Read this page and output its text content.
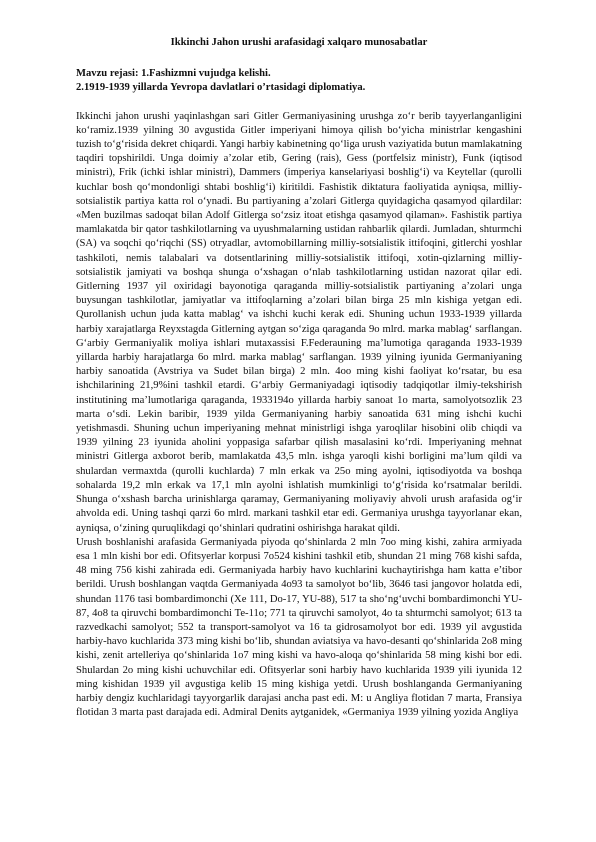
Ikkinchi Jahon urushi arafasidagi xalqaro munosabatlar
Mavzu rejasi: 1.Fashizmni vujudga kelishi.
2.1919-1939 yillarda Yevropa davlatlari o’rtasidagi diplomatiya.
Ikkinchi jahon urushi yaqinlashgan sari Gitler Germaniyasining urushga zo‘r berib tayyerlanganligini ko‘ramiz.1939 yilning 30 avgustida Gitler imperiyani himoya qilish bo‘yicha ministrlar kengashini tuzish to‘g‘risida dekret chiqardi. Yangi harbiy kabinetning qo‘liga urush vaziyatida butun mamlakatning taqdiri topshirildi. Unga doimiy a’zolar etib, Gering (rais), Gess (portfelsiz ministr), Funk (iqtisod ministri), Frik (ichki ishlar ministri), Dammers (imperiya kanselariyasi boshlig‘i) va Keytellar (qurolli kuchlar bosh qo‘mondonligi shtabi boshlig‘i) kiritildi. Fashistik diktatura faoliyatida ayniqsa, milliy- sotsialistik partiya katta rol o‘ynadi. Bu partiyaning a’zolari Gitlerga quyidagicha qasamyod qilardilar: «Men buzilmas sadoqat bilan Adolf Gitlerga so‘zsiz itoat etishga qasamyod qilaman». Fashistik partiya mamlakatda bir qator tashkilotlarning va uyushmalarning ustidan rahbarlik qilardi. Jumladan, shturmchi (SA) va soqchi qo‘riqchi (SS) otryadlar, avtomobillarning milliy-sotsialistik ittifoqini, gitlerchi yoshlar tashkiloti, nemis talabalari va dotsentlarining milliy-sotsialistik ittifoqi, xotin-qizlarning milliy-sotsialistik jamiyati va boshqa shunga o‘xshagan o‘nlab tashkilotlarning ustidan nazorat qilar edi. Gitlerning 1937 yil oxiridagi bayonotiga qaraganda milliy-sotsialistik partiyaning a’zolari unga buysungan tashkilotlar, jamiyatlar va ittifoqlarning a’zolari bilan birga 25 mln kishiga yetgan edi. Qurollanish uchun juda katta mablag‘ va ishchi kuchi kerak edi. Shuning uchun 1933-1939 yillarda harbiy xarajatlarga Reyxstagda Gitlerning aytgan so‘ziga qaraganda 9o mlrd. marka mablag‘ sarflangan. G‘arbiy Germaniyalik moliya ishlari mutaxassisi F.Federauning ma’lumotiga qaraganda 1933-1939 yillarda harbiy harajatlarga 6o mlrd. marka mablag‘ sarflangan. 1939 yilning iyunida Germaniyaning harbiy sanoatida (Avstriya va Sudet bilan birga) 2 mln. 4oo ming kishi faoliyat ko‘rsatar, bu esa ishchilarining 21,9%ini tashkil etardi. G‘arbiy Germaniyadagi iqtisodiy tadqiqotlar ilmiy-tekshirish institutining ma’lumotlariga qaraganda, 1933194o yillarda harbiy sanoat 1o marta, samolyotsozlik 23 marta o‘sdi. Lekin baribir, 1939 yilda Germaniyaning harbiy sanoatida 631 ming ishchi kuchi yetishmasdi. Shuning uchun imperiyaning mehnat ministrligi ishga yaroqlilar hisobini olib chiqdi va 1939 yilning 23 iyunida aholini yoppasiga safarbar qilish masalasini ko‘rdi. Imperiyaning mehnat ministri Gitlerga axborot berib, mamlakatda 43,5 mln. ishga yaroqli kishi borligini ma’lum qildi va shulardan vermaxtda (qurolli kuchlarda) 7 mln erkak va 25o ming ayolni, iqtisodiyotda va boshqa sohalarda 19,2 mln erkak va 17,1 mln ayolni ishlatish mumkinligi to‘g‘risida ko‘rsatmalar berildi. Shunga o‘xshash barcha urinishlarga qaramay, Germaniyaning moliyaviy ahvoli urush arafasida og‘ir ahvolda edi. Uning tashqi qarzi 6o mlrd. markani tashkil etar edi. Germaniya urushga tayyorlanar ekan, ayniqsa, o‘zining quruqlikdagi qo‘shinlari qudratini oshirishga harakat qildi.
Urush boshlanishi arafasida Germaniyada piyoda qo‘shinlarda 2 mln 7oo ming kishi, zahira armiyada esa 1 mln kishi bor edi. Ofitsyerlar korpusi 7o524 kishini tashkil etib, shundan 21 ming 768 kishi safda, 48 ming 756 kishi zahirada edi. Germaniyada harbiy havo kuchlarini kuchaytirishga ham katta e’tibor berildi. Urush boshlangan vaqtda Germaniyada 4o93 ta samolyot bo‘lib, 3646 tasi jangovor holatda edi, shundan 1176 tasi bombardimonchi (Xe 111, Do-17, YU-88), 517 ta sho‘ng‘uvchi bombardimonchi YU-87, 4o8 ta qiruvchi bombardimonchi Te-11o; 771 ta qiruvchi samolyot, 4o ta shturmchi samolyot; 613 ta razvedkachi samolyot; 552 ta transport-samolyot va 16 ta gidrosamolyot bor edi. 1939 yil avgustida harbiy-havo kuchlarida 373 ming kishi bo‘lib, shundan aviatsiya va havo-desanti qo‘shinlarida 2o8 ming kishi, zenit artelleriya qo‘shinlarida 1o7 ming kishi va havo-aloqa qo‘shinlarida 58 ming kishi bor edi. Shulardan 2o ming kishi uchuvchilar edi. Ofitsyerlar soni harbiy havo kuchlarida 1939 yili iyunida 12 ming kishidan 1939 yil avgustiga kelib 15 ming kishiga yetdi. Urush boshlanganda Germaniyaning harbiy dengiz kuchlaridagi tayyorgarlik darajasi ancha past edi. M: u Angliya flotidan 7 marta, Fransiya flotidan 3 marta past darajada edi. Admiral Denits aytganidek, «Germaniya 1939 yilning yozida Angliya
